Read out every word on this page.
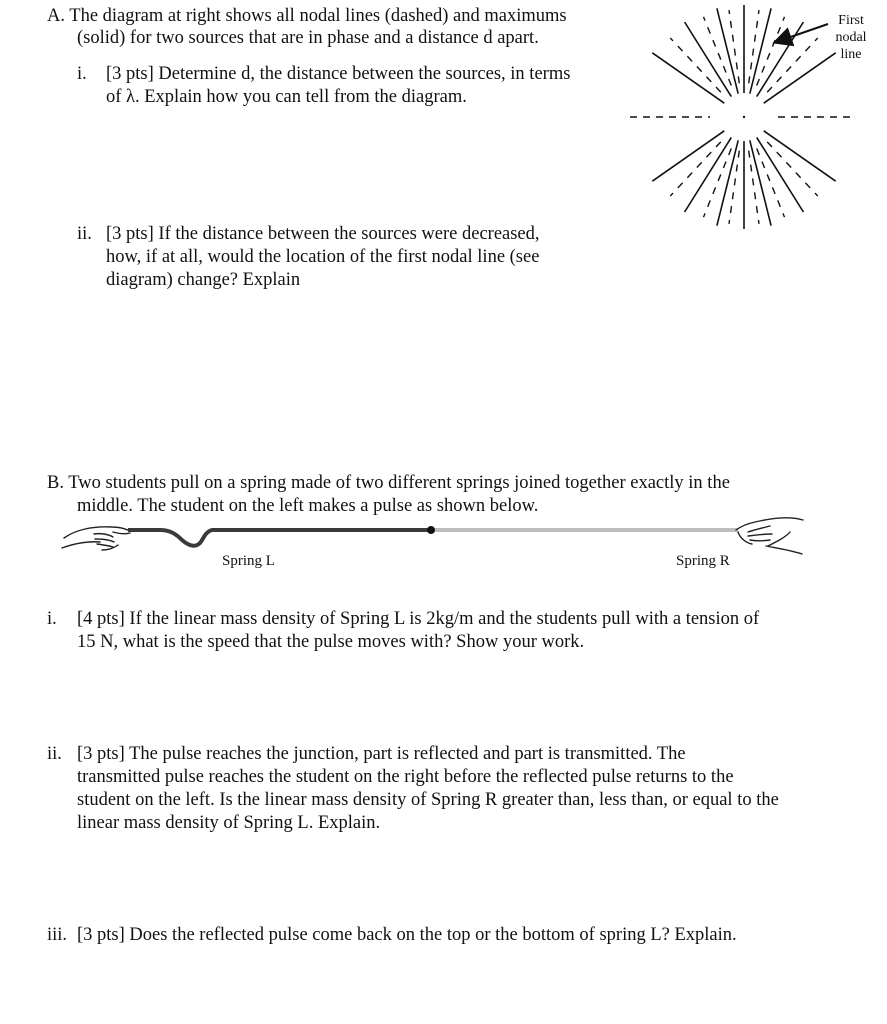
A. The diagram at right shows all nodal lines (dashed) and maximums

(solid) for two sources that are in phase and a distance d apart.

i. [3 pts] Determine d, the distance between the sources, in terms

of λ. Explain how you can tell from the diagram.

ii. [3 pts] If the distance between the sources were decreased,

how, if at all, would the location of the first nodal line (see

diagram) change? Explain

First
nodal
line

B. Two students pull on a spring made of two different springs joined together exactly in the

middle. The student on the left makes a pulse as shown below.

Spring L	Spring R
i. [4 pts] If the linear mass density of Spring L is 2kg/m and the students pull with a tension of

15 N, what is the speed that the pulse moves with? Show your work.

ii. [3 pts] The pulse reaches the junction, part is reflected and part is transmitted. The

transmitted pulse reaches the student on the right before the reflected pulse returns to the

student on the left. Is the linear mass density of Spring R greater than, less than, or equal to the

linear mass density of Spring L. Explain.

iii. [3 pts] Does the reflected pulse come back on the top or the bottom of spring L? Explain.
